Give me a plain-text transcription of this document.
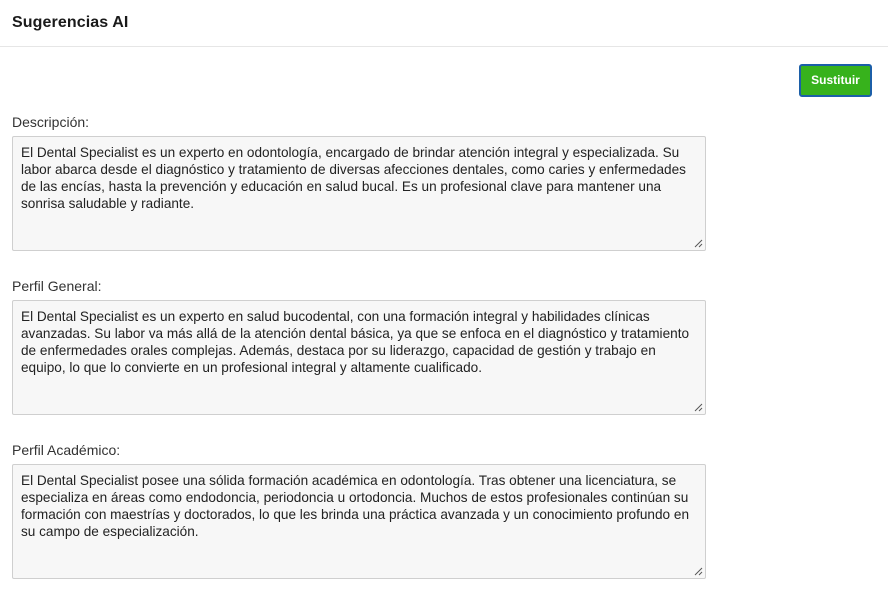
Sugerencias AI
Sustituir
Descripción:
El Dental Specialist es un experto en odontología, encargado de brindar atención integral y especializada. Su labor abarca desde el diagnóstico y tratamiento de diversas afecciones dentales, como caries y enfermedades de las encías, hasta la prevención y educación en salud bucal. Es un profesional clave para mantener una sonrisa saludable y radiante.
Perfil General:
El Dental Specialist es un experto en salud bucodental, con una formación integral y habilidades clínicas avanzadas. Su labor va más allá de la atención dental básica, ya que se enfoca en el diagnóstico y tratamiento de enfermedades orales complejas. Además, destaca por su liderazgo, capacidad de gestión y trabajo en equipo, lo que lo convierte en un profesional integral y altamente cualificado.
Perfil Académico:
El Dental Specialist posee una sólida formación académica en odontología. Tras obtener una licenciatura, se especializa en áreas como endodoncia, periodoncia u ortodoncia. Muchos de estos profesionales continúan su formación con maestrías y doctorados, lo que les brinda una práctica avanzada y un conocimiento profundo en su campo de especialización.
